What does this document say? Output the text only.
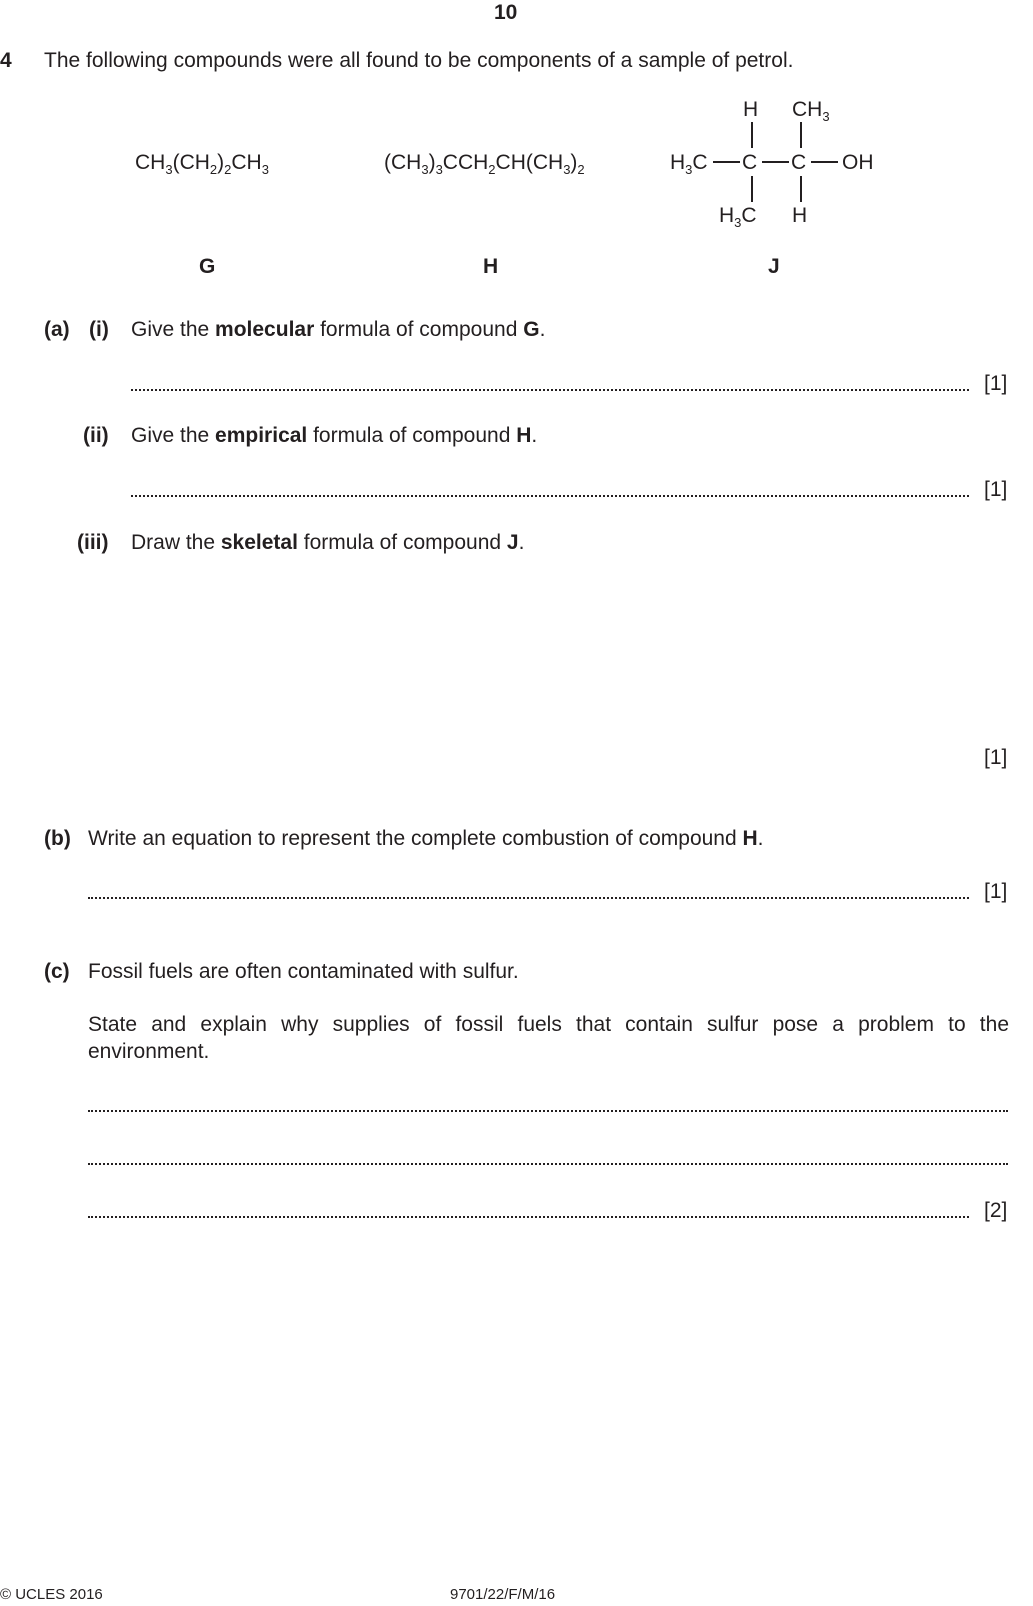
10
4 The following compounds were all found to be components of a sample of petrol.
$CH_3(CH_2)_2CH_3$
G
$(CH_3)_3CCH_2CH(CH_3)_2$
H
H $CH_3$
$H_3C$ C C OH
$H_3C$ H
J
(a) (i) Give the molecular formula of compound G.
[1]
(ii) Give the empirical formula of compound H.
[1]
(iii) Draw the skeletal formula of compound J.
[1]
(b) Write an equation to represent the complete combustion of compound H.
[1]
(c) Fossil fuels are often contaminated with sulfur.
State and explain why supplies of fossil fuels that contain sulfur pose a problem to the
environment.
[2]
© UCLES 2016	9701/22/F/M/16
